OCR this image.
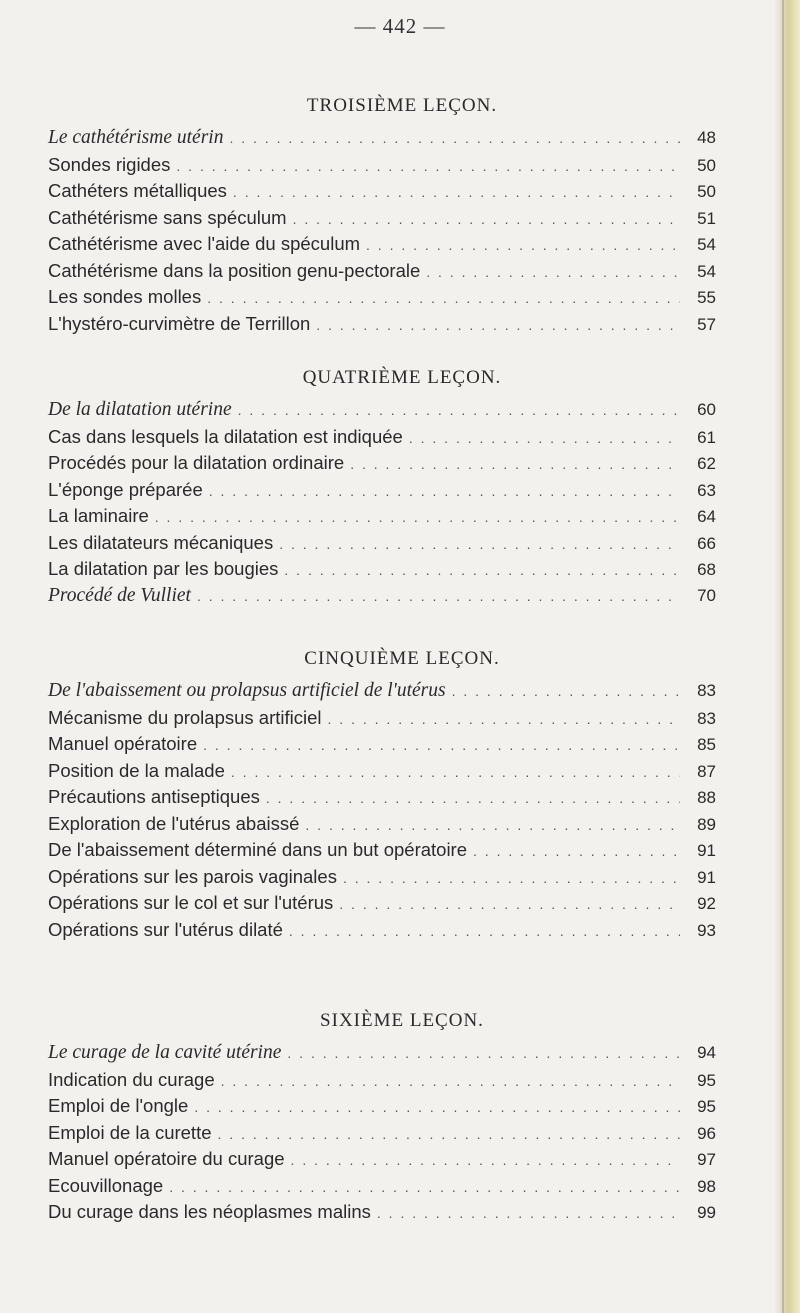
— 442 —
TROISIÈME LEÇON.
Le cathétérisme utérin . . .	48
Sondes rigides . . .	50
Cathéters métalliques . . .	50
Cathétérisme sans spéculum . . .	51
Cathétérisme avec l'aide du spéculum . . .	54
Cathétérisme dans la position genu-pectorale . . .	54
Les sondes molles . . .	55
L'hystéro-curvimètre de Terrillon . . .	57
QUATRIÈME LEÇON.
De la dilatation utérine . . .	60
Cas dans lesquels la dilatation est indiquée . . .	61
Procédés pour la dilatation ordinaire . . .	62
L'éponge préparée . . .	63
La laminaire . . .	64
Les dilatateurs mécaniques . . .	66
La dilatation par les bougies . . .	68
Procédé de Vulliet . . .	70
CINQUIÈME LEÇON.
De l'abaissement ou prolapsus artificiel de l'utérus . . .	83
Mécanisme du prolapsus artificiel . . .	83
Manuel opératoire . . .	85
Position de la malade . . .	87
Précautions antiseptiques . . .	88
Exploration de l'utérus abaissé . . .	89
De l'abaissement déterminé dans un but opératoire . . .	91
Opérations sur les parois vaginales . . .	91
Opérations sur le col et sur l'utérus . . .	92
Opérations sur l'utérus dilaté . . .	93
SIXIÈME LEÇON.
Le curage de la cavité utérine . . .	94
Indication du curage . . .	95
Emploi de l'ongle . . .	95
Emploi de la curette . . .	96
Manuel opératoire du curage . . .	97
Ecouvillonage . . .	98
Du curage dans les néoplasmes malins . . .	99
